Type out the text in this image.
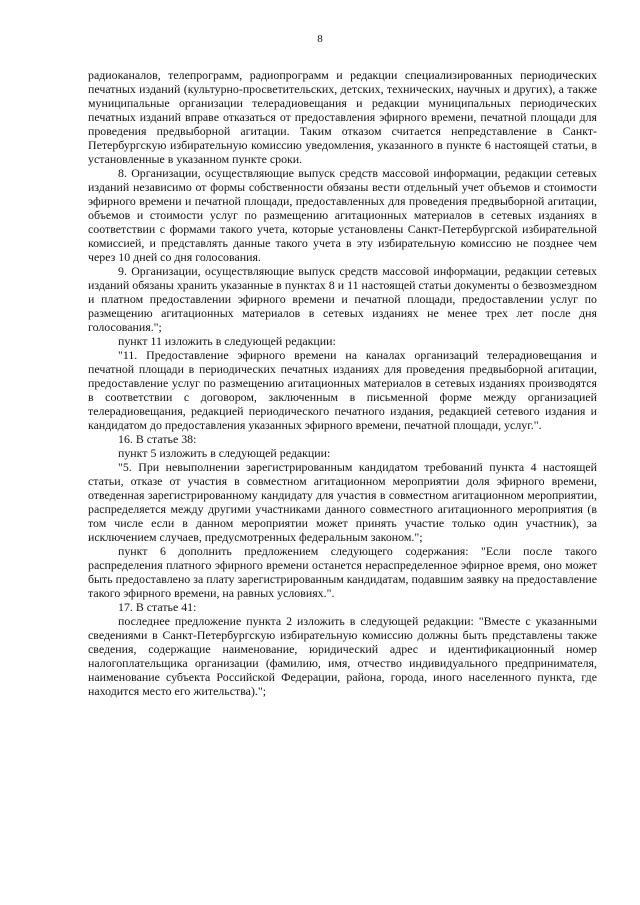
8

радиоканалов, телепрограмм, радиопрограмм и редакции специализированных периодических печатных изданий (культурно-просветительских, детских, технических, научных и других), а также муниципальные организации телерадиовещания и редакции муниципальных периодических печатных изданий вправе отказаться от предоставления эфирного времени, печатной площади для проведения предвыборной агитации. Таким отказом считается непредставление в Санкт-Петербургскую избирательную комиссию уведомления, указанного в пункте 6 настоящей статьи, в установленные в указанном пункте сроки.

8. Организации, осуществляющие выпуск средств массовой информации, редакции сетевых изданий независимо от формы собственности обязаны вести отдельный учет объемов и стоимости эфирного времени и печатной площади, предоставленных для проведения предвыборной агитации, объемов и стоимости услуг по размещению агитационных материалов в сетевых изданиях в соответствии с формами такого учета, которые установлены Санкт-Петербургской избирательной комиссией, и представлять данные такого учета в эту избирательную комиссию не позднее чем через 10 дней со дня голосования.

9. Организации, осуществляющие выпуск средств массовой информации, редакции сетевых изданий обязаны хранить указанные в пунктах 8 и 11 настоящей статьи документы о безвозмездном и платном предоставлении эфирного времени и печатной площади, предоставлении услуг по размещению агитационных материалов в сетевых изданиях не менее трех лет после дня голосования.";

пункт 11 изложить в следующей редакции:

"11. Предоставление эфирного времени на каналах организаций телерадиовещания и печатной площади в периодических печатных изданиях для проведения предвыборной агитации, предоставление услуг по размещению агитационных материалов в сетевых изданиях производятся в соответствии с договором, заключенным в письменной форме между организацией телерадиовещания, редакцией периодического печатного издания, редакцией сетевого издания и кандидатом до предоставления указанных эфирного времени, печатной площади, услуг.".

16. В статье 38:

пункт 5 изложить в следующей редакции:

"5. При невыполнении зарегистрированным кандидатом требований пункта 4 настоящей статьи, отказе от участия в совместном агитационном мероприятии доля эфирного времени, отведенная зарегистрированному кандидату для участия в совместном агитационном мероприятии, распределяется между другими участниками данного совместного агитационного мероприятия (в том числе если в данном мероприятии может принять участие только один участник), за исключением случаев, предусмотренных федеральным законом.";

пункт 6 дополнить предложением следующего содержания: "Если после такого распределения платного эфирного времени останется нераспределенное эфирное время, оно может быть предоставлено за плату зарегистрированным кандидатам, подавшим заявку на предоставление такого эфирного времени, на равных условиях.".

17. В статье 41:

последнее предложение пункта 2 изложить в следующей редакции: "Вместе с указанными сведениями в Санкт-Петербургскую избирательную комиссию должны быть представлены также сведения, содержащие наименование, юридический адрес и идентификационный номер налогоплательщика организации (фамилию, имя, отчество индивидуального предпринимателя, наименование субъекта Российской Федерации, района, города, иного населенного пункта, где находится место его жительства).";
